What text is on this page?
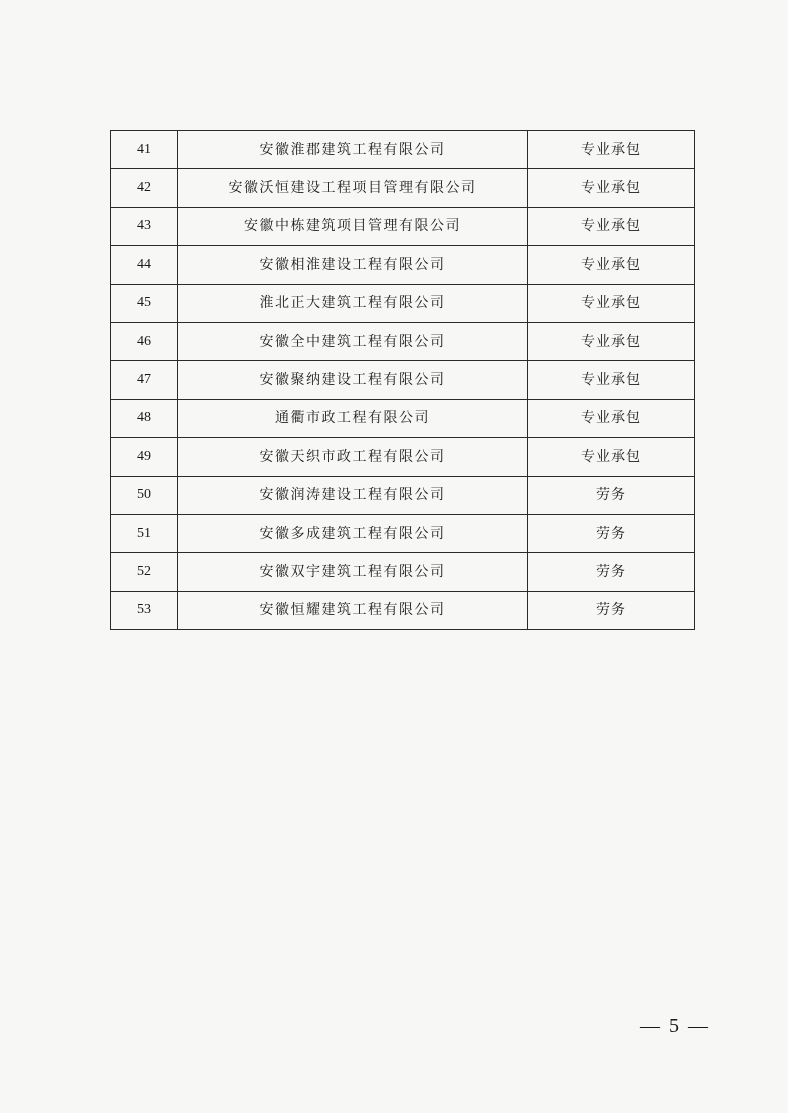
41	安徽淮郡建筑工程有限公司	专业承包
42	安徽沃恒建设工程项目管理有限公司	专业承包
43	安徽中栋建筑项目管理有限公司	专业承包
44	安徽相淮建设工程有限公司	专业承包
45	淮北正大建筑工程有限公司	专业承包
46	安徽全中建筑工程有限公司	专业承包
47	安徽聚纳建设工程有限公司	专业承包
48	通衢市政工程有限公司	专业承包
49	安徽天织市政工程有限公司	专业承包
50	安徽润涛建设工程有限公司	劳务
51	安徽多成建筑工程有限公司	劳务
52	安徽双宇建筑工程有限公司	劳务
53	安徽恒耀建筑工程有限公司	劳务
— 5 —
